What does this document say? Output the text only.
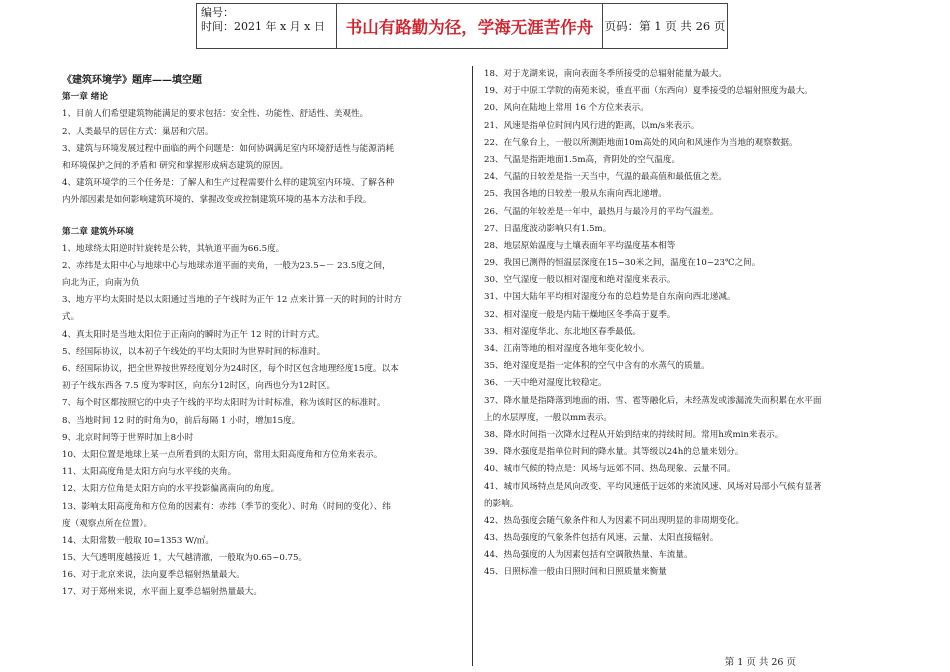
编号：
时间：2021 年 x 月 x 日	书山有路勤为径，学海无涯苦作舟 页码：第 1 页 共 26 页
《建筑环境学》题库——填空题
第一章 绪论
1、目前人们希望建筑物能满足的要求包括：安全性、功能性、舒适性、美观性。
2、人类最早的居住方式：巢居和穴居。
3、建筑与环境发展过程中面临的两个问题是：如何协调满足室内环境舒适性与能源消耗
和环境保护之间的矛盾和 研究和掌握形成病态建筑的原因。
4、建筑环境学的三个任务是：了解人和生产过程需要什么样的建筑室内环境、了解各种
内外部因素是如何影响建筑环境的、掌握改变或控制建筑环境的基本方法和手段。
第二章 建筑外环境
1、地球绕太阳逆时针旋转是公转，其轨道平面为66.5度。
2、赤纬是太阳中心与地球中心与地球赤道平面的夹角，一般为23.5~－ 23.5度之间，
向北为正，向南为负
3、地方平均太阳时是以太阳通过当地的子午线时为正午 12 点来计算一天的时间的计时方
式。
4、真太阳时是当地太阳位于正南向的瞬时为正午 12 时的计时方式。
5、经国际协议，以本初子午线处的平均太阳时为世界时间的标准时。
6、经国际协议，把全世界按世界经度划分为24时区，每个时区包含地理经度15度。以本
初子午线东西各 7.5 度为零时区，向东分12时区，向西也分为12时区。
7、每个时区都按照它的中央子午线的平均太阳时为计时标准，称为该时区的标准时。
8、当地时间 12 时的时角为0，前后每隔 1 小时，增加15度。
9、北京时间等于世界时加上8小时
10、太阳位置是地球上某一点所看到的太阳方向，常用太阳高度角和方位角来表示。
11、太阳高度角是太阳方向与水平线的夹角。
12、太阳方位角是太阳方向的水平投影偏离南向的角度。
13、影响太阳高度角和方位角的因素有：赤纬（季节的变化）、时角（时间的变化）、纬
度（观察点所在位置）。
14、太阳常数一般取 I0=1353 W/㎡。
15、大气透明度越接近 1，大气越清澈，一般取为0.65~0.75。
16、对于北京来说，法向夏季总辐射热量最大。
17、对于郑州来说，水平面上夏季总辐射热量最大。
18、对于龙湖来说，南向表面冬季所接受的总辐射能量为最大。
19、对于中原工学院的南苑来说，垂直平面（东西向）夏季接受的总辐射照度为最大。
20、风向在陆地上常用 16 个方位来表示。
21、风速是指单位时间内风行进的距离，以m/s来表示。
22、在气象台上，一般以所测距地面10m高处的风向和风速作为当地的观察数据。
23、气温是指距地面1.5m高，背阴处的空气温度。
24、气温的日较差是指一天当中，气温的最高值和最低值之差。
25、我国各地的日较差一般从东南向西北递增。
26、气温的年较差是一年中，最热月与最冷月的平均气温差。
27、日温度波动影响只有1.5m。
28、地层原始温度与土壤表面年平均温度基本相等
29、我国已测得的恒温层深度在15~30米之间，温度在10~23℃之间。
30、空气湿度一般以相对湿度和绝对湿度来表示。
31、中国大陆年平均相对湿度分布的总趋势是自东南向西北递减。
32、相对湿度一般是内陆干燥地区冬季高于夏季。
33、相对湿度华北、东北地区春季最低。
34、江南等地的相对湿度各地年变化较小。
35、绝对湿度是指一定体积的空气中含有的水蒸气的质量。
36、一天中绝对湿度比较稳定。
37、降水量是指降落到地面的雨、雪、雹等融化后，未经蒸发或渗漏流失而积累在水平面
上的水层厚度，一般以mm表示。
38、降水时间指一次降水过程从开始到结束的持续时间。常用h或min来表示。
39、降水强度是指单位时间的降水量。其等级以24h的总量来划分。
40、城市气候的特点是：风场与远郊不同、热岛现象、云量不同。
41、城市风场特点是风向改变、平均风速低于远郊的来流风速、风场对局部小气候有显著
的影响。
42、热岛强度会随气象条件和人为因素不同出现明显的非周期变化。
43、热岛强度的气象条件包括有风速、云量、太阳直接辐射。
44、热岛强度的人为因素包括有空调散热量、车流量。
45、日照标准一般由日照时间和日照质量来衡量
第 1 页 共 26 页
